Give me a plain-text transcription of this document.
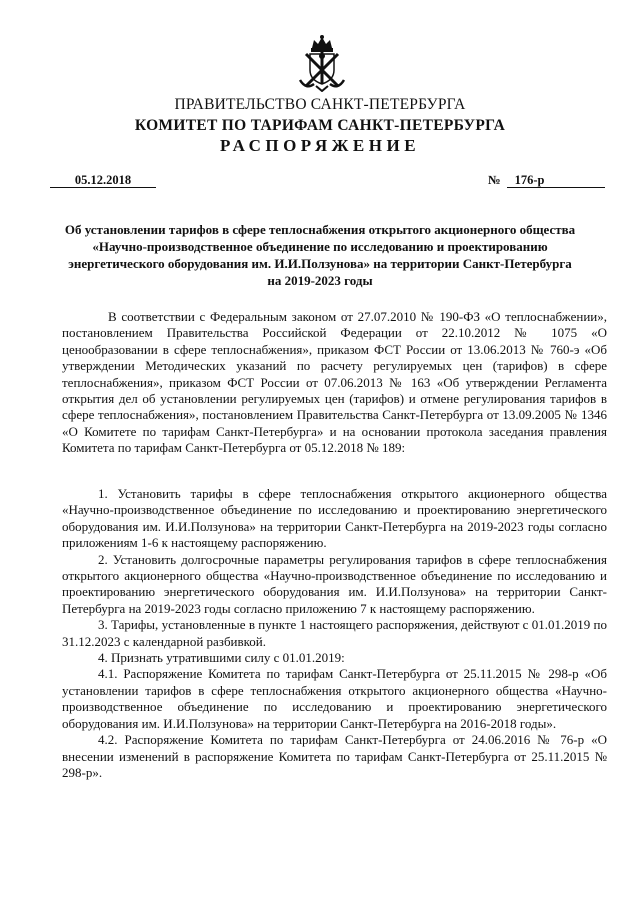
ПРАВИТЕЛЬСТВО САНКТ-ПЕТЕРБУРГА
КОМИТЕТ ПО ТАРИФАМ САНКТ-ПЕТЕРБУРГА
РАСПОРЯЖЕНИЕ
05.12.2018	№ 176-р
Об установлении тарифов в сфере теплоснабжения открытого акционерного общества «Научно-производственное объединение по исследованию и проектированию энергетического оборудования им. И.И.Ползунова» на территории Санкт-Петербурга на 2019-2023 годы
В соответствии с Федеральным законом от 27.07.2010 № 190-ФЗ «О теплоснабжении», постановлением Правительства Российской Федерации от 22.10.2012 № 1075 «О ценообразовании в сфере теплоснабжения», приказом ФСТ России от 13.06.2013 № 760-э «Об утверждении Методических указаний по расчету регулируемых цен (тарифов) в сфере теплоснабжения», приказом ФСТ России от 07.06.2013 № 163 «Об утверждении Регламента открытия дел об установлении регулируемых цен (тарифов) и отмене регулирования тарифов в сфере теплоснабжения», постановлением Правительства Санкт-Петербурга от 13.09.2005 № 1346 «О Комитете по тарифам Санкт-Петербурга» и на основании протокола заседания правления Комитета по тарифам Санкт-Петербурга от 05.12.2018 № 189:

1. Установить тарифы в сфере теплоснабжения открытого акционерного общества «Научно-производственное объединение по исследованию и проектированию энергетического оборудования им. И.И.Ползунова» на территории Санкт-Петербурга на 2019-2023 годы согласно приложениям 1-6 к настоящему распоряжению.

2. Установить долгосрочные параметры регулирования тарифов в сфере теплоснабжения открытого акционерного общества «Научно-производственное объединение по исследованию и проектированию энергетического оборудования им. И.И.Ползунова» на территории Санкт-Петербурга на 2019-2023 годы согласно приложению 7 к настоящему распоряжению.

3. Тарифы, установленные в пункте 1 настоящего распоряжения, действуют с 01.01.2019 по 31.12.2023 с календарной разбивкой.

4. Признать утратившими силу с 01.01.2019:

4.1. Распоряжение Комитета по тарифам Санкт-Петербурга от 25.11.2015 № 298-р «Об установлении тарифов в сфере теплоснабжения открытого акционерного общества «Научно-производственное объединение по исследованию и проектированию энергетического оборудования им. И.И.Ползунова» на территории Санкт-Петербурга на 2016-2018 годы».

4.2. Распоряжение Комитета по тарифам Санкт-Петербурга от 24.06.2016 № 76-р «О внесении изменений в распоряжение Комитета по тарифам Санкт-Петербурга от 25.11.2015 № 298-р».
